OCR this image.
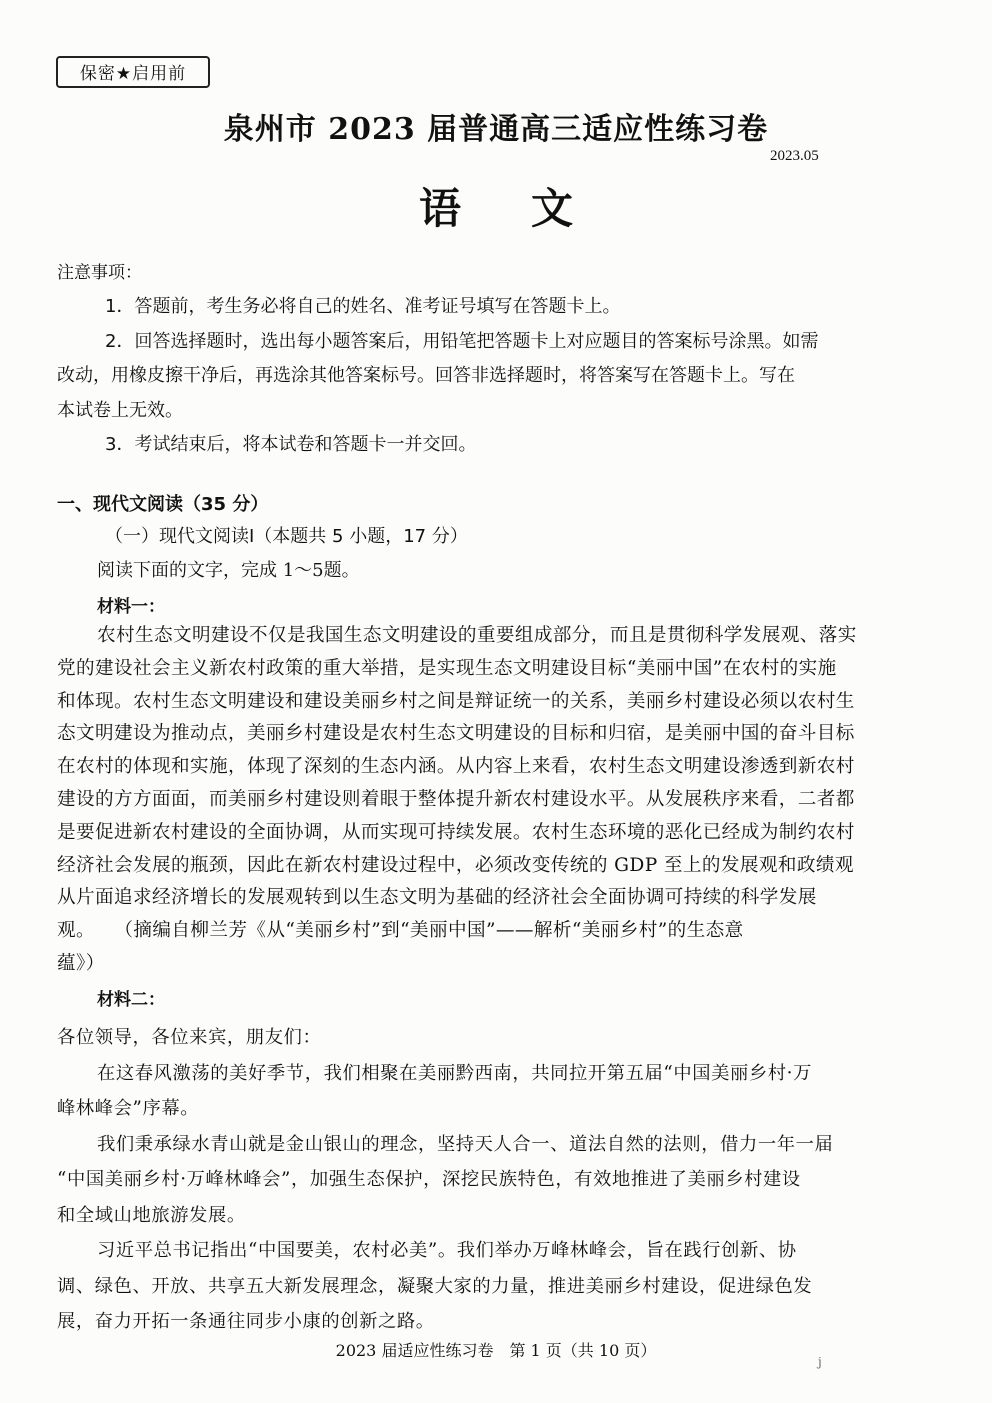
保密★启用前
泉州市 2023 届普通高三适应性练习卷
2023.05
语文
注意事项：
1．答题前，考生务必将自己的姓名、准考证号填写在答题卡上。
2．回答选择题时，选出每小题答案后，用铅笔把答题卡上对应题目的答案标号涂黑。如需
改动，用橡皮擦干净后，再选涂其他答案标号。回答非选择题时，将答案写在答题卡上。写在
本试卷上无效。
3．考试结束后，将本试卷和答题卡一并交回。
一、现代文阅读（35 分）
（一）现代文阅读Ⅰ（本题共 5 小题，17 分）
阅读下面的文字，完成 1～5题。
材料一：
农村生态文明建设不仅是我国生态文明建设的重要组成部分，而且是贯彻科学发展观、落实
党的建设社会主义新农村政策的重大举措，是实现生态文明建设目标“美丽中国”在农村的实施
和体现。农村生态文明建设和建设美丽乡村之间是辩证统一的关系，美丽乡村建设必须以农村生
态文明建设为推动点，美丽乡村建设是农村生态文明建设的目标和归宿，是美丽中国的奋斗目标
在农村的体现和实施，体现了深刻的生态内涵。从内容上来看，农村生态文明建设渗透到新农村
建设的方方面面，而美丽乡村建设则着眼于整体提升新农村建设水平。从发展秩序来看，二者都
是要促进新农村建设的全面协调，从而实现可持续发展。农村生态环境的恶化已经成为制约农村
经济社会发展的瓶颈，因此在新农村建设过程中，必须改变传统的 GDP 至上的发展观和政绩观
从片面追求经济增长的发展观转到以生态文明为基础的经济社会全面协调可持续的科学发展
观。　　（摘编自柳兰芳《从“美丽乡村”到“美丽中国”——解析“美丽乡村”的生态意
蕴》）
材料二：
各位领导，各位来宾，朋友们：
在这春风激荡的美好季节，我们相聚在美丽黔西南，共同拉开第五届“中国美丽乡村·万
峰林峰会”序幕。
我们秉承绿水青山就是金山银山的理念，坚持天人合一、道法自然的法则，借力一年一届
“中国美丽乡村·万峰林峰会”，加强生态保护，深挖民族特色，有效地推进了美丽乡村建设
和全域山地旅游发展。
习近平总书记指出“中国要美，农村必美”。我们举办万峰林峰会，旨在践行创新、协
调、绿色、开放、共享五大新发展理念，凝聚大家的力量，推进美丽乡村建设，促进绿色发
展，奋力开拓一条通往同步小康的创新之路。
2023 届适应性练习卷　第 1 页（共 10 页）
j
